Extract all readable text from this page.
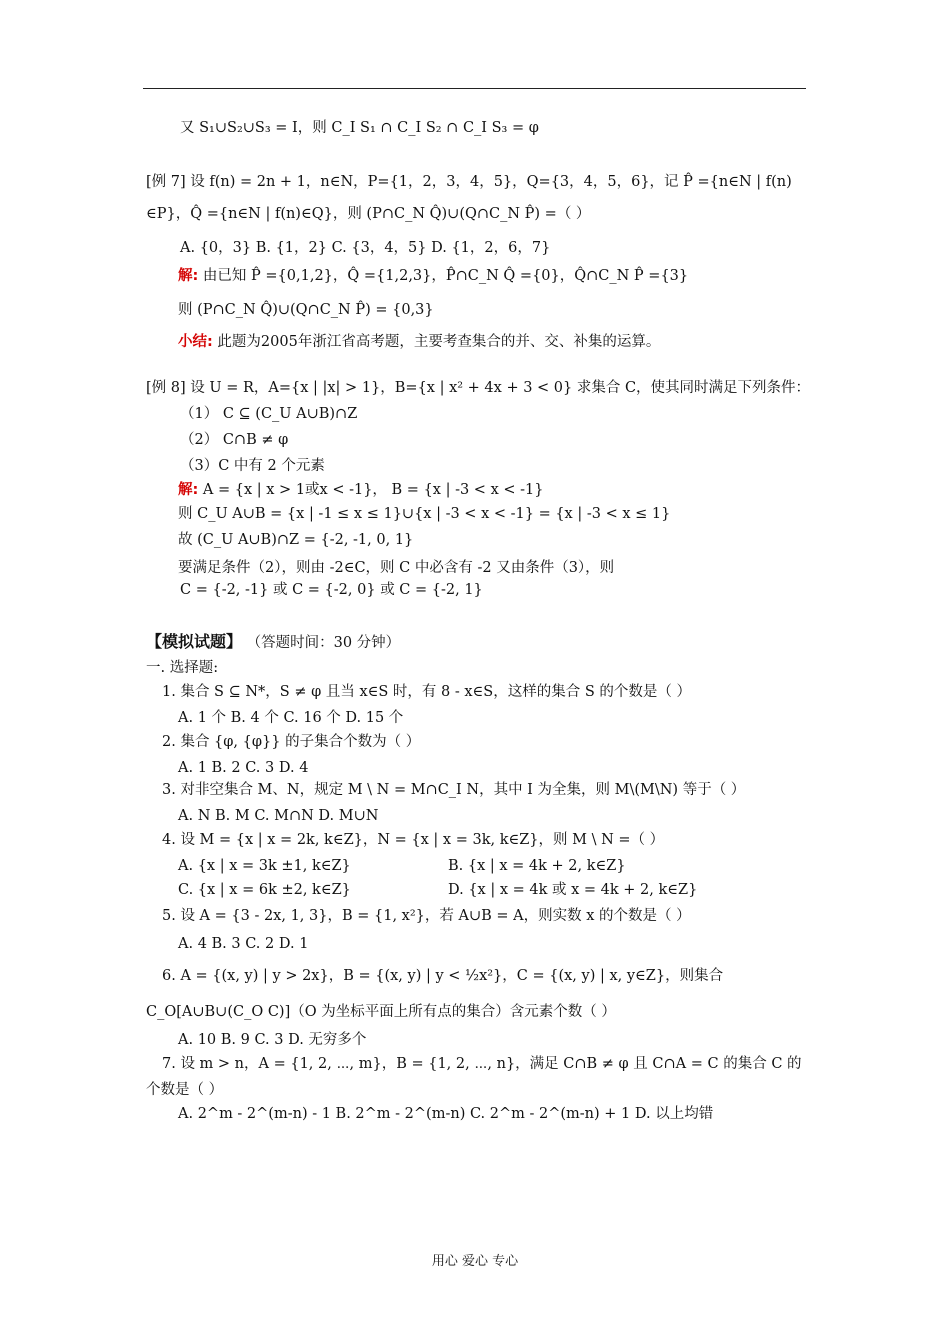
又 S₁∪S₂∪S₃ = I，则 C_I S₁ ∩ C_I S₂ ∩ C_I S₃ = φ
[例 7] 设 f(n) = 2n + 1，n∈N，P={1，2，3，4，5}，Q={3，4，5，6}，记 P̂ ={n∈N | f(n)
∈P}，Q̂ ={n∈N | f(n)∈Q}，则 (P∩C_N Q̂)∪(Q∩C_N P̂) =（ ）
A. {0，3} B. {1，2} C. {3，4，5} D. {1，2，6，7}
解: 由已知 P̂ ={0,1,2}，Q̂ ={1,2,3}，P̂∩C_N Q̂ ={0}，Q̂∩C_N P̂ ={3}
则 (P∩C_N Q̂)∪(Q∩C_N P̂) = {0,3}
小结: 此题为2005年浙江省高考题，主要考查集合的并、交、补集的运算。
[例 8] 设 U = R，A={x | |x| > 1}，B={x | x² + 4x + 3 < 0} 求集合 C，使其同时满足下列条件：
（1） C ⊆ (C_U A∪B)∩Z
（2） C∩B ≠ φ
（3）C 中有 2 个元素
解: A = {x | x > 1或x < -1}， B = {x | -3 < x < -1}
则 C_U A∪B = {x | -1 ≤ x ≤ 1}∪{x | -3 < x < -1} = {x | -3 < x ≤ 1}
故 (C_U A∪B)∩Z = {-2, -1, 0, 1}
要满足条件（2），则由 -2∈C，则 C 中必含有 -2 又由条件（3），则
C = {-2, -1} 或 C = {-2, 0} 或 C = {-2, 1}
【模拟试题】 （答题时间：30 分钟）
一. 选择题:
1. 集合 S ⊆ N*，S ≠ φ 且当 x∈S 时，有 8 - x∈S，这样的集合 S 的个数是（ ）
A. 1 个 B. 4 个 C. 16 个 D. 15 个
2. 集合 {φ, {φ}} 的子集合个数为（ ）
A. 1 B. 2 C. 3 D. 4
3. 对非空集合 M、N，规定 M \ N = M∩C_I N，其中 I 为全集，则 M\(M\N) 等于（ ）
A. N B. M C. M∩N D. M∪N
4. 设 M = {x | x = 2k, k∈Z}，N = {x | x = 3k, k∈Z}，则 M \ N =（ ）
A. {x | x = 3k ±1, k∈Z}	B. {x | x = 4k + 2, k∈Z}
C. {x | x = 6k ±2, k∈Z}	D. {x | x = 4k 或 x = 4k + 2, k∈Z}
5. 设 A = {3 - 2x, 1, 3}，B = {1, x²}，若 A∪B = A，则实数 x 的个数是（ ）
A. 4 B. 3 C. 2 D. 1
6. A = {(x, y) | y > 2x}，B = {(x, y) | y < ½x²}，C = {(x, y) | x, y∈Z}，则集合
C_O[A∪B∪(C_O C)]（O 为坐标平面上所有点的集合）含元素个数（ ）
A. 10 B. 9 C. 3 D. 无穷多个
7. 设 m > n，A = {1, 2, ⋯, m}，B = {1, 2, ⋯, n}，满足 C∩B ≠ φ 且 C∩A = C 的集合 C 的
个数是（ ）
A. 2^m - 2^(m-n) - 1 B. 2^m - 2^(m-n) C. 2^m - 2^(m-n) + 1 D. 以上均错
用心 爱心 专心
